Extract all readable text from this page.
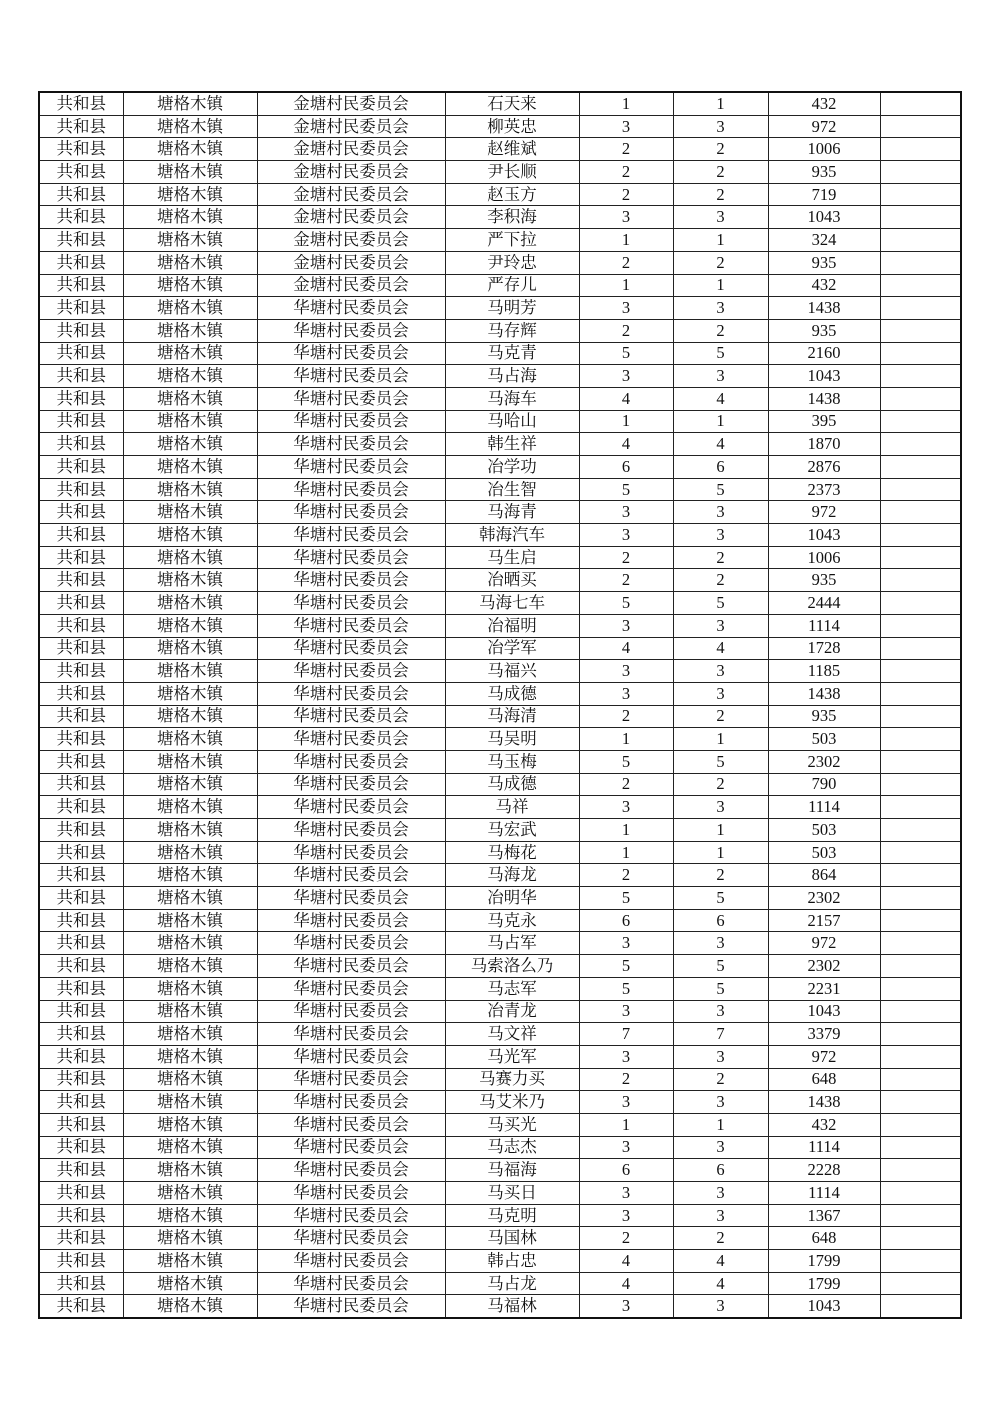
共和县	塘格木镇	金塘村民委员会	石天来	1	1	432	
共和县	塘格木镇	金塘村民委员会	柳英忠	3	3	972	
共和县	塘格木镇	金塘村民委员会	赵维斌	2	2	1006	
共和县	塘格木镇	金塘村民委员会	尹长顺	2	2	935	
共和县	塘格木镇	金塘村民委员会	赵玉方	2	2	719	
共和县	塘格木镇	金塘村民委员会	李积海	3	3	1043	
共和县	塘格木镇	金塘村民委员会	严下拉	1	1	324	
共和县	塘格木镇	金塘村民委员会	尹玲忠	2	2	935	
共和县	塘格木镇	金塘村民委员会	严存儿	1	1	432	
共和县	塘格木镇	华塘村民委员会	马明芳	3	3	1438	
共和县	塘格木镇	华塘村民委员会	马存辉	2	2	935	
共和县	塘格木镇	华塘村民委员会	马克青	5	5	2160	
共和县	塘格木镇	华塘村民委员会	马占海	3	3	1043	
共和县	塘格木镇	华塘村民委员会	马海车	4	4	1438	
共和县	塘格木镇	华塘村民委员会	马哈山	1	1	395	
共和县	塘格木镇	华塘村民委员会	韩生祥	4	4	1870	
共和县	塘格木镇	华塘村民委员会	冶学功	6	6	2876	
共和县	塘格木镇	华塘村民委员会	冶生智	5	5	2373	
共和县	塘格木镇	华塘村民委员会	马海青	3	3	972	
共和县	塘格木镇	华塘村民委员会	韩海汽车	3	3	1043	
共和县	塘格木镇	华塘村民委员会	马生启	2	2	1006	
共和县	塘格木镇	华塘村民委员会	冶晒买	2	2	935	
共和县	塘格木镇	华塘村民委员会	马海七车	5	5	2444	
共和县	塘格木镇	华塘村民委员会	冶福明	3	3	1114	
共和县	塘格木镇	华塘村民委员会	冶学军	4	4	1728	
共和县	塘格木镇	华塘村民委员会	马福兴	3	3	1185	
共和县	塘格木镇	华塘村民委员会	马成德	3	3	1438	
共和县	塘格木镇	华塘村民委员会	马海清	2	2	935	
共和县	塘格木镇	华塘村民委员会	马吴明	1	1	503	
共和县	塘格木镇	华塘村民委员会	马玉梅	5	5	2302	
共和县	塘格木镇	华塘村民委员会	马成德	2	2	790	
共和县	塘格木镇	华塘村民委员会	马祥	3	3	1114	
共和县	塘格木镇	华塘村民委员会	马宏武	1	1	503	
共和县	塘格木镇	华塘村民委员会	马梅花	1	1	503	
共和县	塘格木镇	华塘村民委员会	马海龙	2	2	864	
共和县	塘格木镇	华塘村民委员会	冶明华	5	5	2302	
共和县	塘格木镇	华塘村民委员会	马克永	6	6	2157	
共和县	塘格木镇	华塘村民委员会	马占军	3	3	972	
共和县	塘格木镇	华塘村民委员会	马索洛么乃	5	5	2302	
共和县	塘格木镇	华塘村民委员会	马志军	5	5	2231	
共和县	塘格木镇	华塘村民委员会	冶青龙	3	3	1043	
共和县	塘格木镇	华塘村民委员会	马文祥	7	7	3379	
共和县	塘格木镇	华塘村民委员会	马光军	3	3	972	
共和县	塘格木镇	华塘村民委员会	马赛力买	2	2	648	
共和县	塘格木镇	华塘村民委员会	马艾米乃	3	3	1438	
共和县	塘格木镇	华塘村民委员会	马买光	1	1	432	
共和县	塘格木镇	华塘村民委员会	马志杰	3	3	1114	
共和县	塘格木镇	华塘村民委员会	马福海	6	6	2228	
共和县	塘格木镇	华塘村民委员会	马买日	3	3	1114	
共和县	塘格木镇	华塘村民委员会	马克明	3	3	1367	
共和县	塘格木镇	华塘村民委员会	马国林	2	2	648	
共和县	塘格木镇	华塘村民委员会	韩占忠	4	4	1799	
共和县	塘格木镇	华塘村民委员会	马占龙	4	4	1799	
共和县	塘格木镇	华塘村民委员会	马福林	3	3	1043	
